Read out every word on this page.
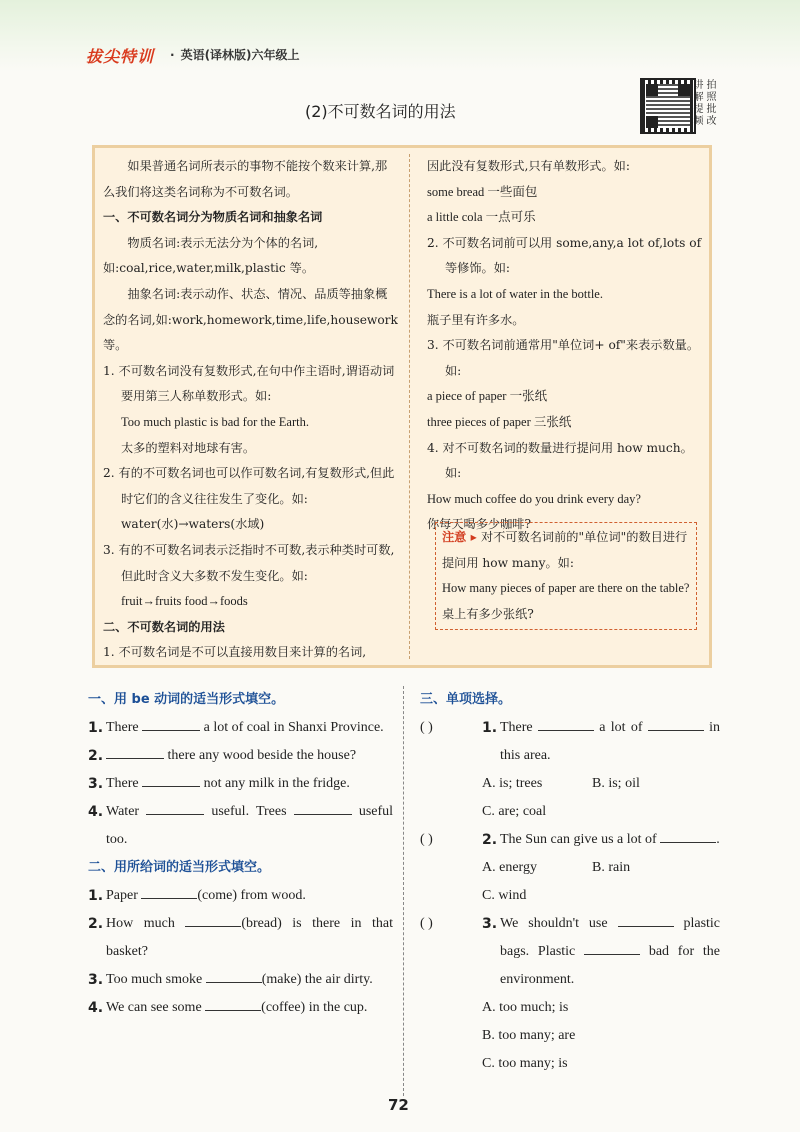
拔尖特训 · 英语(译林版)六年级上
(2)不可数名词的用法
讲 拍
解 照
提 批
频 改

如果普通名词所表示的事物不能按个数来计算,那么我们将这类名词称为不可数名词。

一、不可数名词分为物质名词和抽象名词

物质名词:表示无法分为个体的名词,如:coal,rice,water,milk,plastic 等。

抽象名词:表示动作、状态、情况、品质等抽象概念的名词,如:work,homework,time,life,housework 等。

1. 不可数名词没有复数形式,在句中作主语时,谓语动词要用第三人称单数形式。如:

Too much plastic is bad for the Earth.

太多的塑料对地球有害。

2. 有的不可数名词也可以作可数名词,有复数形式,但此时它们的含义往往发生了变化。如:

water(水)→waters(水域)

3. 有的不可数名词表示泛指时不可数,表示种类时可数,但此时含义大多数不发生变化。如:

fruit→fruits food→foods

二、不可数名词的用法

1. 不可数名词是不可以直接用数目来计算的名词,

因此没有复数形式,只有单数形式。如:

some bread 一些面包

a little cola 一点可乐

2. 不可数名词前可以用 some,any,a lot of,lots of 等修饰。如:

There is a lot of water in the bottle.

瓶子里有许多水。

3. 不可数名词前通常用"单位词+ of"来表示数量。如:

a piece of paper 一张纸

three pieces of paper 三张纸

4. 对不可数名词的数量进行提问用 how much。如:

How much coffee do you drink every day?

你每天喝多少咖啡?

注意 ▸ 对不可数名词前的"单位词"的数目进行提问用 how many。如:

How many pieces of paper are there on the table?

桌上有多少张纸?

一、用 be 动词的适当形式填空。
1. There	a lot of coal in Shanxi Province.
2.	there any wood beside the house?
3. There	not any milk in the fridge.
4. Water	useful. Trees	useful too.
二、用所给词的适当形式填空。
1. Paper	(come) from wood.
2. How much	(bread) is there in that basket?
3. Too much smoke	(make) the air dirty.
4. We can see some	(coffee) in the cup.
三、单项选择。
( )	1. There	a lot of	in this area.
A. is; trees	B. is; oil
C. are; coal
( )	2. The Sun can give us a lot of	.
A. energy	B. rain
C. wind
( )	3. We shouldn't use	plastic bags. Plastic	bad for the environment.
A. too much; is
B. too many; are
C. too many; is
72
